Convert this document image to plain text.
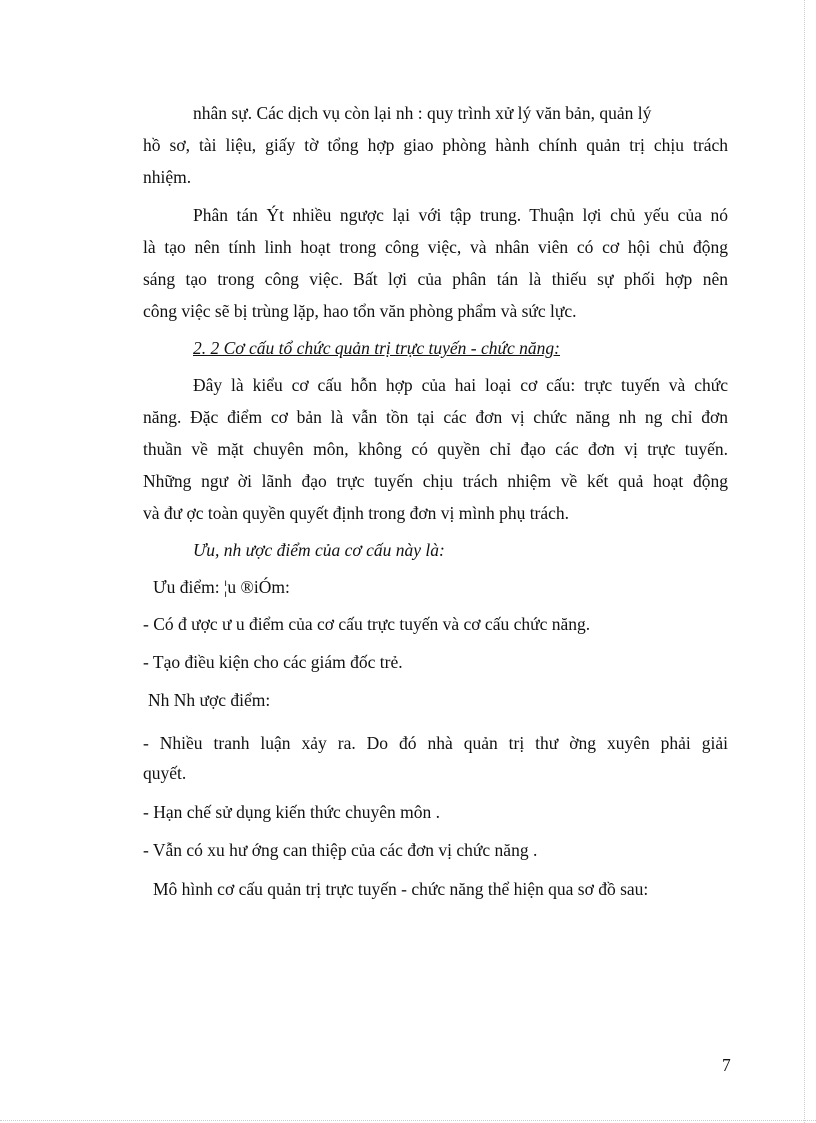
nhân sự. Các dịch vụ còn lại nh : quy trình xử lý văn bản, quản lý
hồ sơ, tài liệu, giấy tờ tổng hợp giao phòng hành chính quản trị chịu trách
nhiệm.
Phân tán Ýt nhiều ngược lại với tập trung. Thuận lợi chủ yếu của nó
là tạo nên tính linh hoạt trong công việc, và nhân viên có cơ hội chủ động
sáng tạo trong công việc. Bất lợi của phân tán là thiếu sự phối hợp nên
công việc sẽ bị trùng lặp, hao tổn văn phòng phẩm và sức lực.
2. 2 Cơ cấu tổ chức quản trị trực tuyến - chức năng:
Đây là kiểu cơ cấu hỗn hợp của hai loại cơ cấu: trực tuyến và chức
năng. Đặc điểm cơ bản là vẫn tồn tại các đơn vị chức năng nh ng chỉ đơn
thuần về mặt chuyên môn, không có quyền chỉ đạo các đơn vị trực tuyến.
Những ngư ời lãnh đạo trực tuyến chịu trách nhiệm về kết quả hoạt động
và đư ợc toàn quyền quyết định trong đơn vị mình phụ trách.
Ưu, nh ược điểm của cơ cấu này là:
Ưu điểm: ¦u ®iÓm:
- Có đ ược ư u điểm của cơ cấu trực tuyến và cơ cấu chức năng.
- Tạo điều kiện cho các giám đốc trẻ.
Nh Nh ược điểm:
- Nhiều tranh luận xảy ra. Do đó nhà quản trị thư ờng xuyên phải giải
quyết.
- Hạn chế sử dụng kiến thức chuyên môn .
- Vẫn có xu hư ớng can thiệp của các đơn vị chức năng .
Mô hình cơ cấu quản trị trực tuyến - chức năng thể hiện qua sơ đồ sau:
7
